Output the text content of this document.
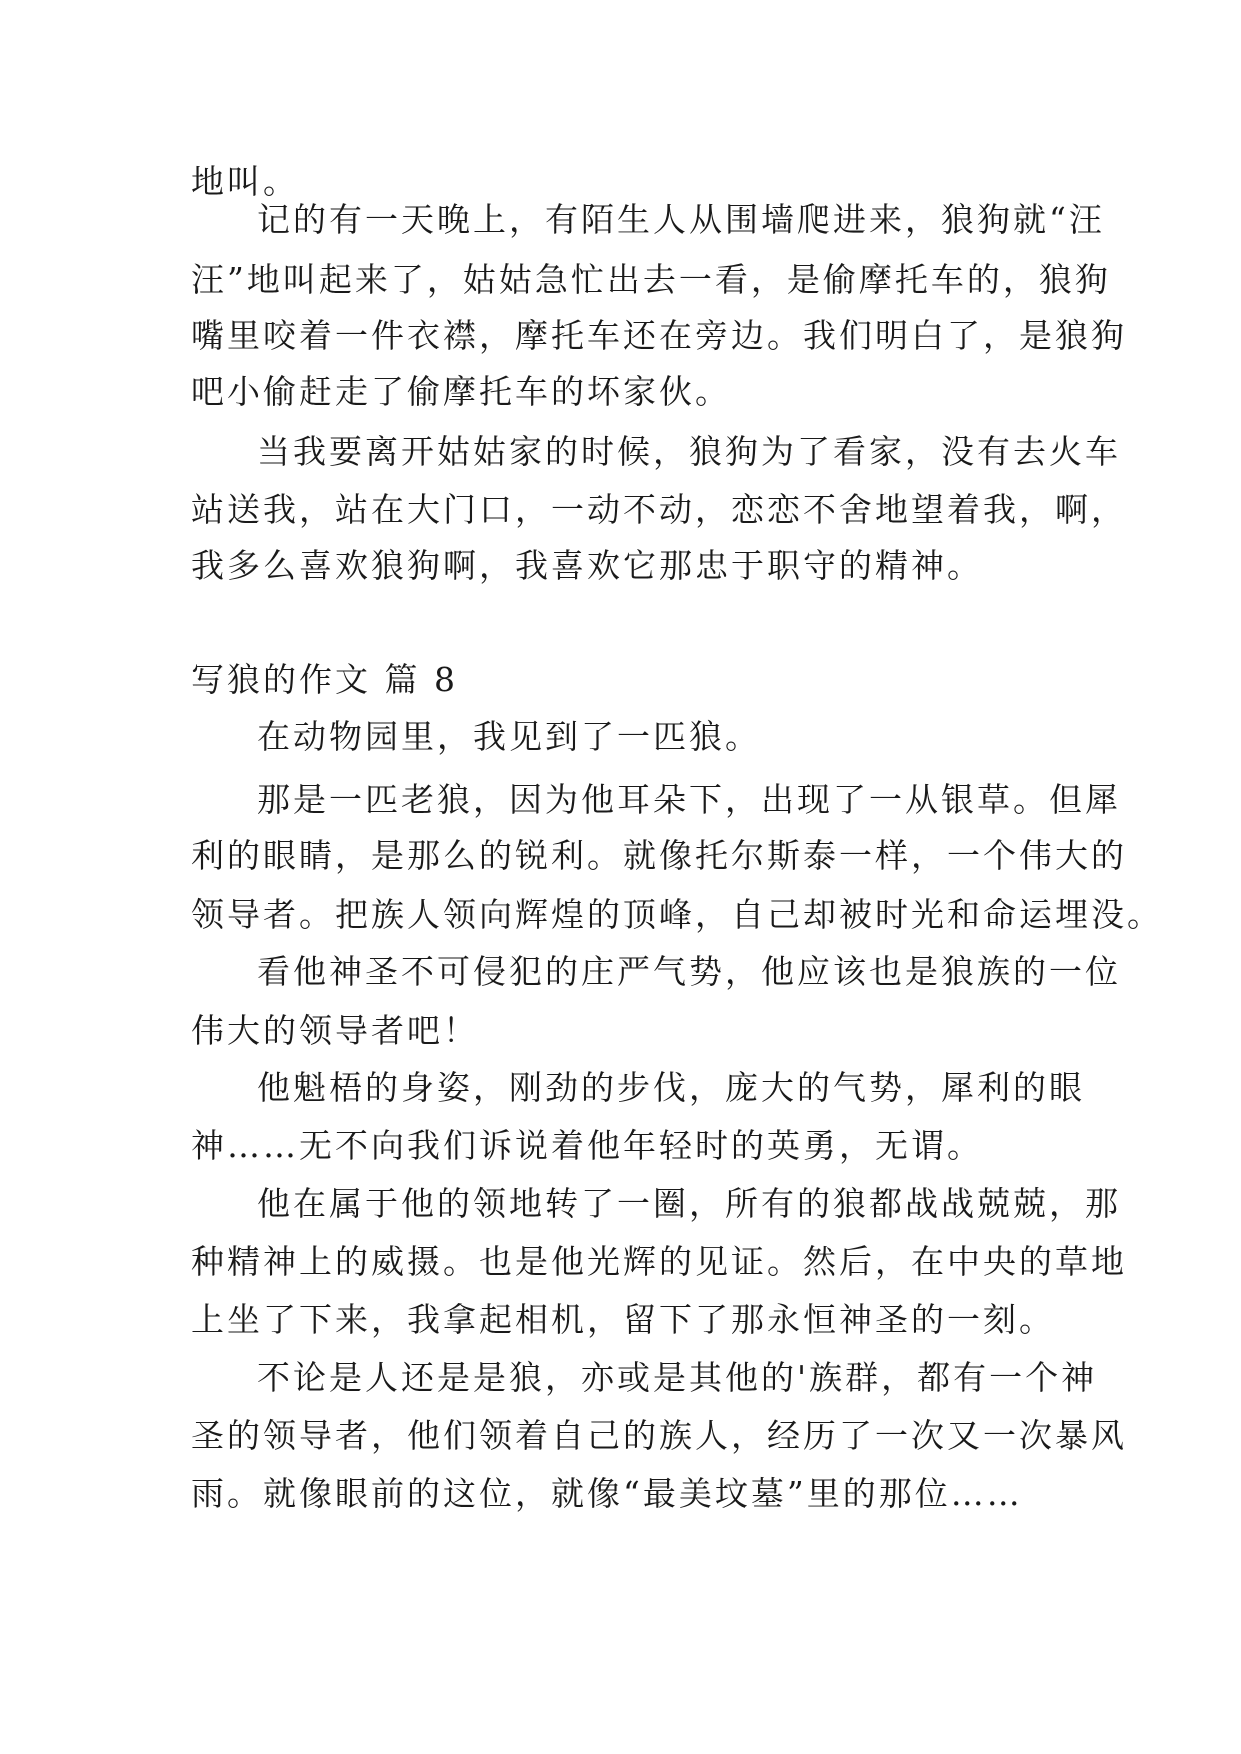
地叫。
记的有一天晚上，有陌生人从围墙爬进来，狼狗就“汪
汪”地叫起来了，姑姑急忙出去一看，是偷摩托车的，狼狗
嘴里咬着一件衣襟，摩托车还在旁边。我们明白了，是狼狗
吧小偷赶走了偷摩托车的坏家伙。
当我要离开姑姑家的时候，狼狗为了看家，没有去火车
站送我，站在大门口，一动不动，恋恋不舍地望着我，啊，
我多么喜欢狼狗啊，我喜欢它那忠于职守的精神。
写狼的作文 篇 8
在动物园里，我见到了一匹狼。
那是一匹老狼，因为他耳朵下，出现了一从银草。但犀
利的眼睛，是那么的锐利。就像托尔斯泰一样，一个伟大的
领导者。把族人领向辉煌的顶峰，自己却被时光和命运埋没。
看他神圣不可侵犯的庄严气势，他应该也是狼族的一位
伟大的领导者吧！
他魁梧的身姿，刚劲的步伐，庞大的气势，犀利的眼
神……无不向我们诉说着他年轻时的英勇，无谓。
他在属于他的领地转了一圈，所有的狼都战战兢兢，那
种精神上的威摄。也是他光辉的见证。然后，在中央的草地
上坐了下来，我拿起相机，留下了那永恒神圣的一刻。
不论是人还是是狼，亦或是其他的'族群，都有一个神
圣的领导者，他们领着自己的族人，经历了一次又一次暴风
雨。就像眼前的这位，就像“最美坟墓”里的那位……
